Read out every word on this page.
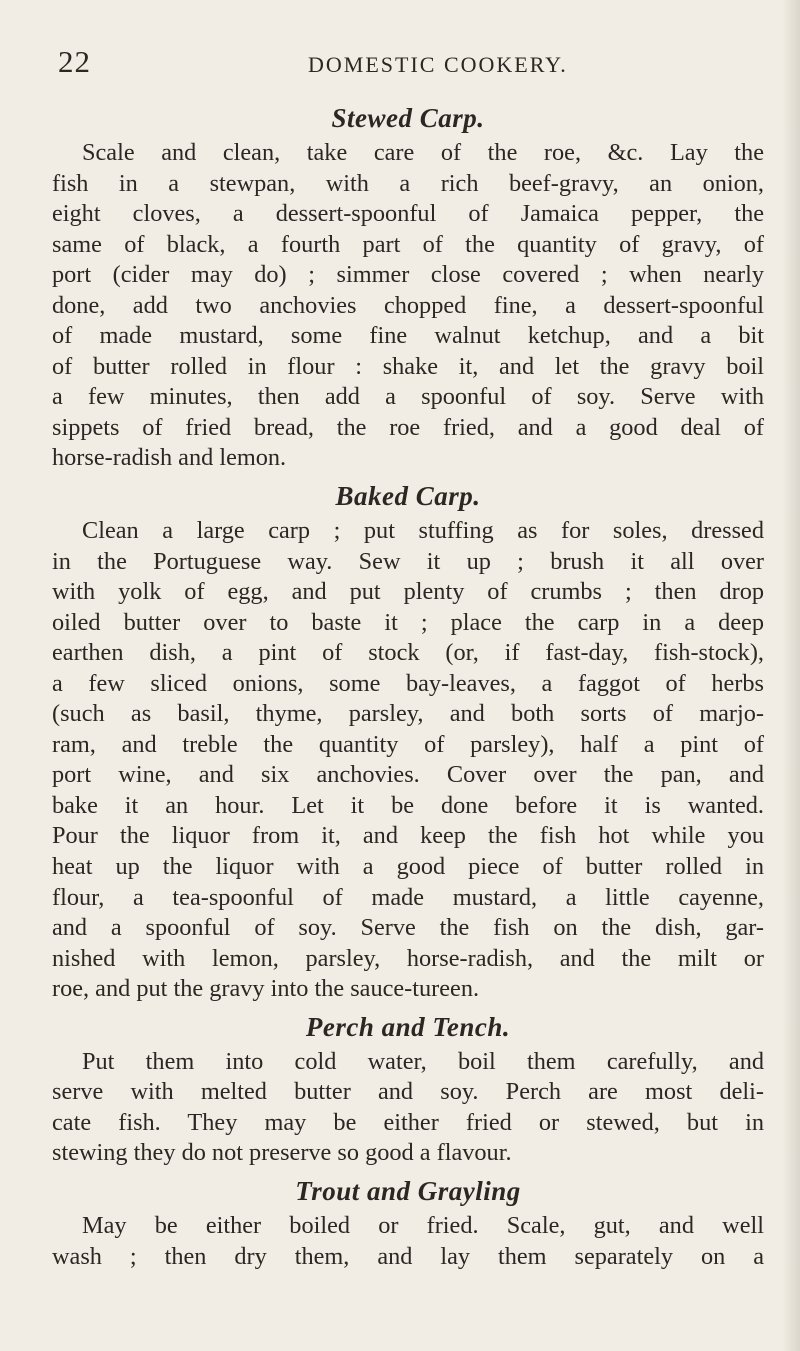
22	DOMESTIC COOKERY.
Stewed Carp.
Scale and clean, take care of the roe, &c. Lay the
fish in a stewpan, with a rich beef-gravy, an onion,
eight cloves, a dessert-spoonful of Jamaica pepper, the
same of black, a fourth part of the quantity of gravy, of
port (cider may do) ; simmer close covered ; when nearly
done, add two anchovies chopped fine, a dessert-spoonful
of made mustard, some fine walnut ketchup, and a bit
of butter rolled in flour : shake it, and let the gravy boil
a few minutes, then add a spoonful of soy. Serve with
sippets of fried bread, the roe fried, and a good deal of
horse-radish and lemon.
Baked Carp.
Clean a large carp ; put stuffing as for soles, dressed
in the Portuguese way. Sew it up ; brush it all over
with yolk of egg, and put plenty of crumbs ; then drop
oiled butter over to baste it ; place the carp in a deep
earthen dish, a pint of stock (or, if fast-day, fish-stock),
a few sliced onions, some bay-leaves, a faggot of herbs
(such as basil, thyme, parsley, and both sorts of marjo-
ram, and treble the quantity of parsley), half a pint of
port wine, and six anchovies. Cover over the pan, and
bake it an hour. Let it be done before it is wanted.
Pour the liquor from it, and keep the fish hot while you
heat up the liquor with a good piece of butter rolled in
flour, a tea-spoonful of made mustard, a little cayenne,
and a spoonful of soy. Serve the fish on the dish, gar-
nished with lemon, parsley, horse-radish, and the milt or
roe, and put the gravy into the sauce-tureen.
Perch and Tench.
Put them into cold water, boil them carefully, and
serve with melted butter and soy. Perch are most deli-
cate fish. They may be either fried or stewed, but in
stewing they do not preserve so good a flavour.
Trout and Grayling
May be either boiled or fried. Scale, gut, and well
wash ; then dry them, and lay them separately on a
